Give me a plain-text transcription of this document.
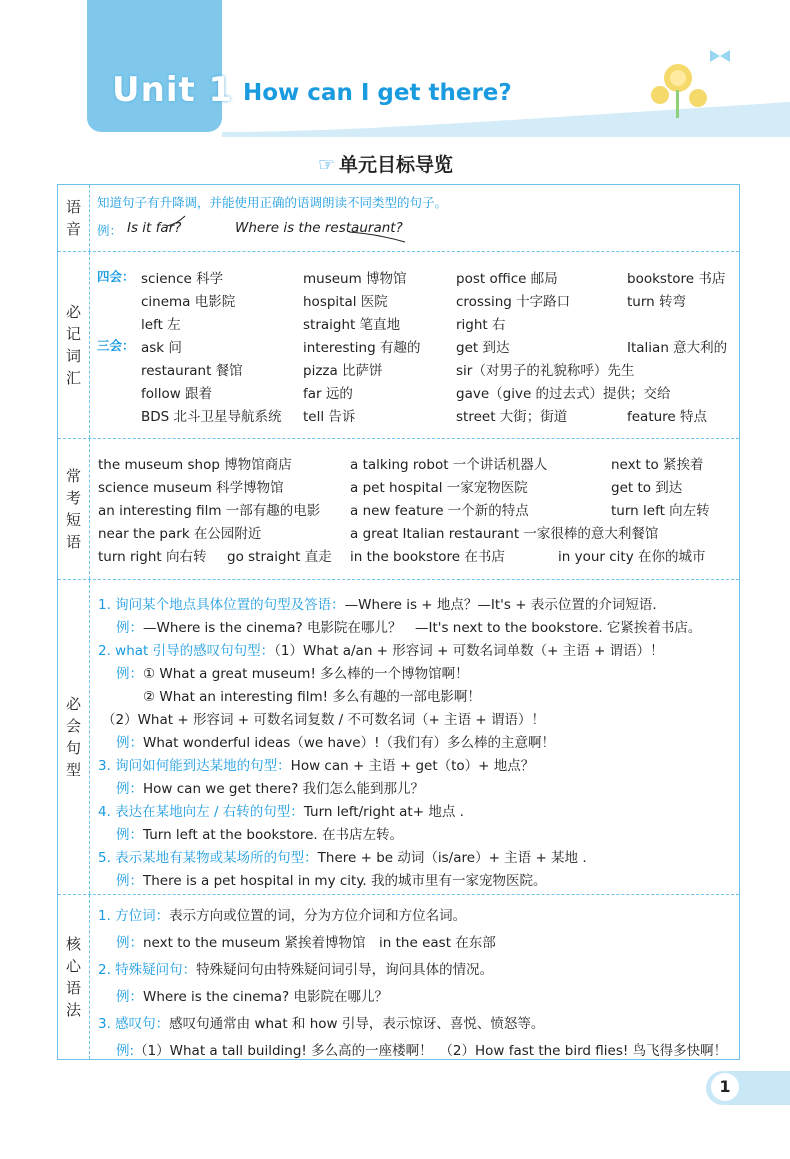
Unit 1 How can I get there?
☞ 单元目标导览
语
音
知道句子有升降调，并能使用正确的语调朗读不同类型的句子。
例： Is it far?	Where is the restaurant?
必
记
词
汇
四会：
三会：
science 科学	museum 博物馆	post office 邮局	bookstore 书店
cinema 电影院	hospital 医院	crossing 十字路口	turn 转弯
left 左	straight 笔直地	right 右
ask 问	interesting 有趣的	get 到达	Italian 意大利的
restaurant 餐馆	pizza 比萨饼	sir（对男子的礼貌称呼）先生
follow 跟着	far 远的	gave（give 的过去式）提供；交给
BDS 北斗卫星导航系统 tell 告诉	street 大街；街道	feature 特点
常
考
短
语
the museum shop 博物馆商店	a talking robot 一个讲话机器人	next to 紧挨着
science museum 科学博物馆	a pet hospital 一家宠物医院	get to 到达
an interesting film 一部有趣的电影 a new feature 一个新的特点	turn left 向左转
near the park 在公园附近	a great Italian restaurant 一家很棒的意大利餐馆
turn right 向右转 go straight 直走 in the bookstore 在书店	in your city 在你的城市
必
会
句
型
1. 询问某个地点具体位置的句型及答语：—Where is + 地点？—It's + 表示位置的介词短语.
例：—Where is the cinema? 电影院在哪儿？　—It's next to the bookstore. 它紧挨着书店。
2. what 引导的感叹句句型：（1）What a/an + 形容词 + 可数名词单数（+ 主语 + 谓语）！
例：① What a great museum! 多么棒的一个博物馆啊！
② What an interesting film! 多么有趣的一部电影啊！
（2）What + 形容词 + 可数名词复数 / 不可数名词（+ 主语 + 谓语）！
例：What wonderful ideas（we have）!（我们有）多么棒的主意啊！
3. 询问如何能到达某地的句型：How can + 主语 + get（to）+ 地点？
例：How can we get there? 我们怎么能到那儿？
4. 表达在某地向左 / 右转的句型：Turn left/right at+ 地点 .
例：Turn left at the bookstore. 在书店左转。
5. 表示某地有某物或某场所的句型：There + be 动词（is/are）+ 主语 + 某地 .
例：There is a pet hospital in my city. 我的城市里有一家宠物医院。
核
心
语
法
1. 方位词：表示方向或位置的词，分为方位介词和方位名词。
例：next to the museum 紧挨着博物馆　in the east 在东部
2. 特殊疑问句：特殊疑问句由特殊疑问词引导，询问具体的情况。
例：Where is the cinema? 电影院在哪儿？
3. 感叹句：感叹句通常由 what 和 how 引导，表示惊讶、喜悦、愤怒等。
例:（1）What a tall building! 多么高的一座楼啊！　（2）How fast the bird flies! 鸟飞得多快啊！
1
